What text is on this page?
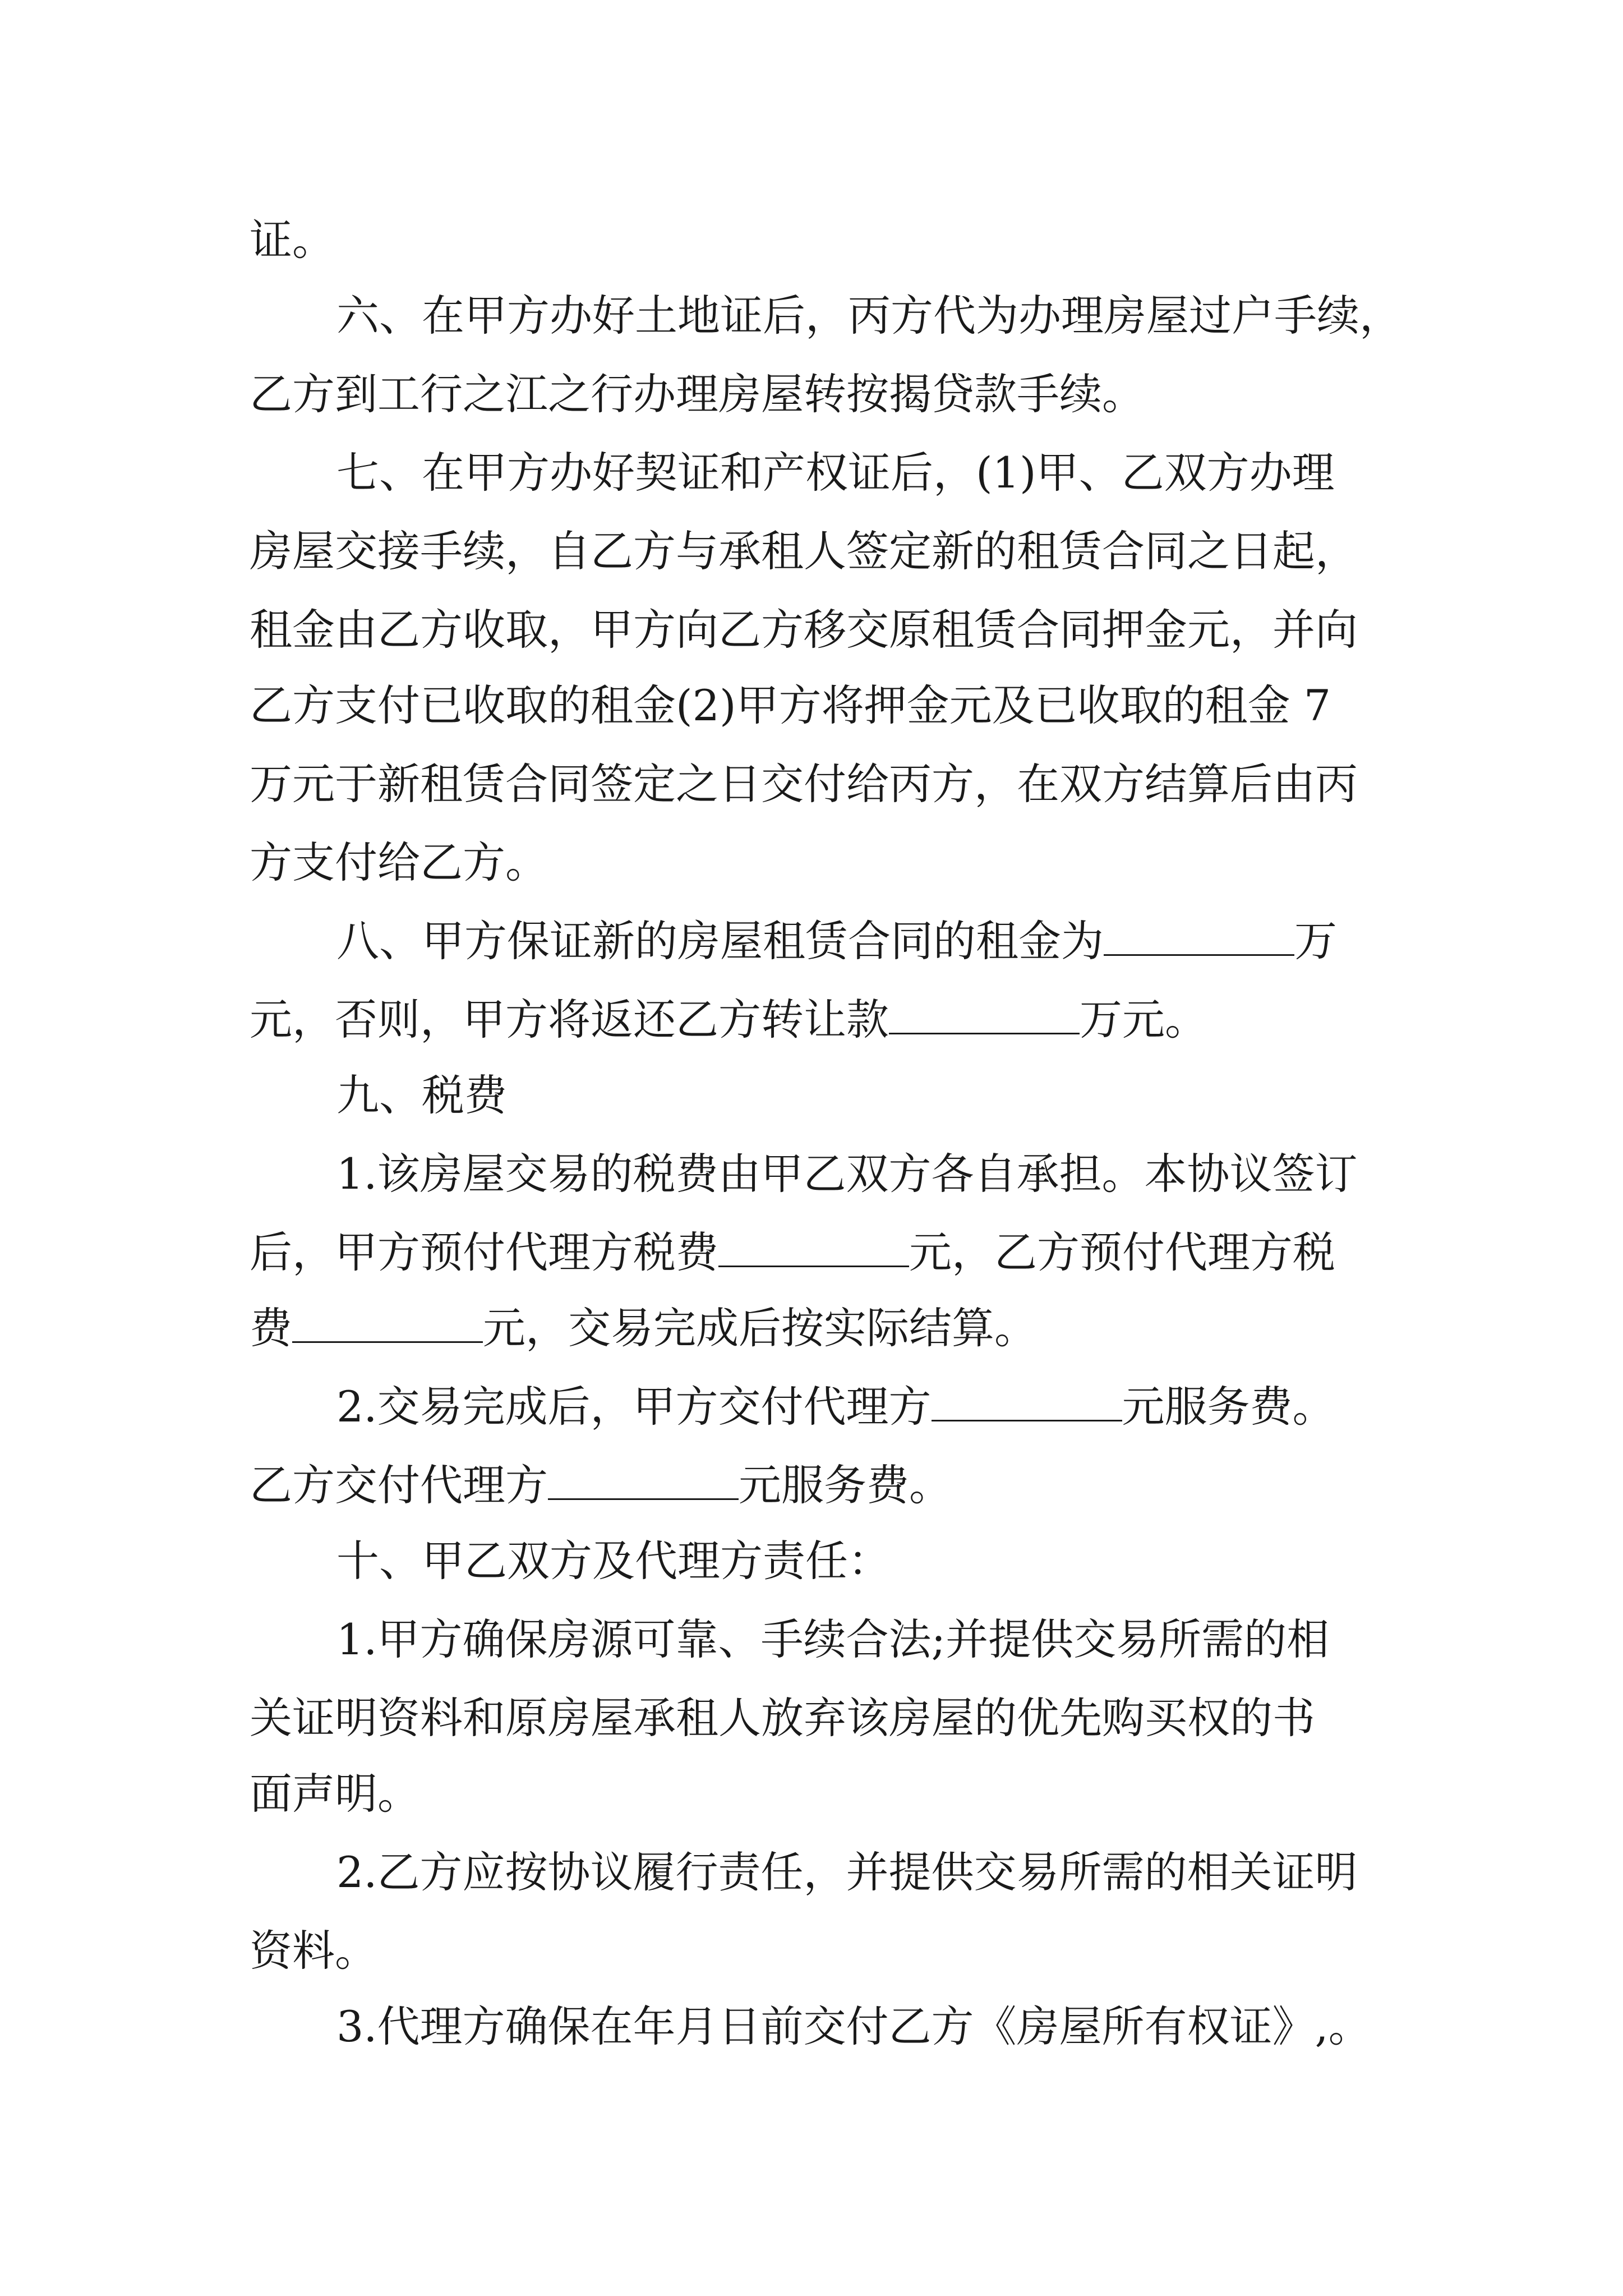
证。
六、在甲方办好土地证后，丙方代为办理房屋过户手续，
乙方到工行之江之行办理房屋转按揭贷款手续。
七、在甲方办好契证和产权证后，(1)甲、乙双方办理
房屋交接手续，自乙方与承租人签定新的租赁合同之日起，
租金由乙方收取，甲方向乙方移交原租赁合同押金元，并向
乙方支付已收取的租金(2)甲方将押金元及已收取的租金 7
万元于新租赁合同签定之日交付给丙方，在双方结算后由丙
方支付给乙方。
八、甲方保证新的房屋租赁合同的租金为	万
元，否则，甲方将返还乙方转让款	万元。
九、税费
1.该房屋交易的税费由甲乙双方各自承担。本协议签订
后，甲方预付代理方税费	元，乙方预付代理方税
费	元，交易完成后按实际结算。
2.交易完成后，甲方交付代理方	元服务费。
乙方交付代理方	元服务费。
十、甲乙双方及代理方责任：
1.甲方确保房源可靠、手续合法;并提供交易所需的相
关证明资料和原房屋承租人放弃该房屋的优先购买权的书
面声明。
2.乙方应按协议履行责任，并提供交易所需的相关证明
资料。
3.代理方确保在年月日前交付乙方《房屋所有权证》,。
